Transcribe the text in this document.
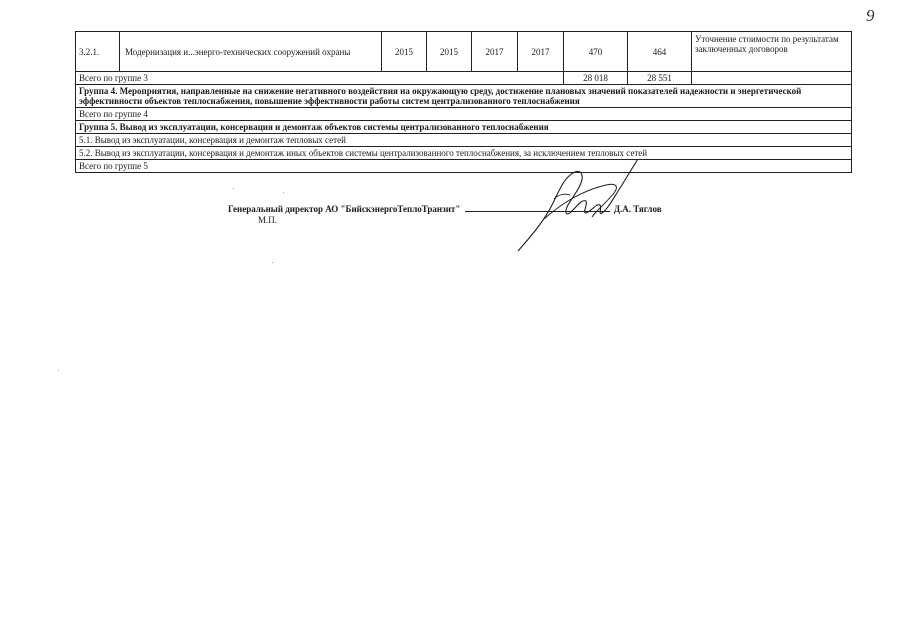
9
3.2.1.	Модернизация и...энерго-технических сооружений охраны	2015	2015	2017	2017	470	464	Уточнение стоимости по результатам заключенных договоров
Всего по группе 3						28 018	28 551	
Группа 4. Мероприятия, направленные на снижение негативного воздействия на окружающую среду, достижение плановых значений показателей надежности и энергетической эффективности объектов теплоснабжения, повышение эффективности работы систем централизованного теплоснабжения								
Всего по группе 4								
Группа 5. Вывод из эксплуатации, консервация и демонтаж объектов системы централизованного теплоснабжения								
5.1. Вывод из эксплуатации, консервация и демонтаж тепловых сетей								
5.2. Вывод из эксплуатации, консервация и демонтаж иных объектов системы централизованного теплоснабжения, за исключением тепловых сетей								
Всего по группе 5								
Генеральный директор АО "БийскэнергоТеплоТранзит"	Д.А. Тяглов
М.П.
